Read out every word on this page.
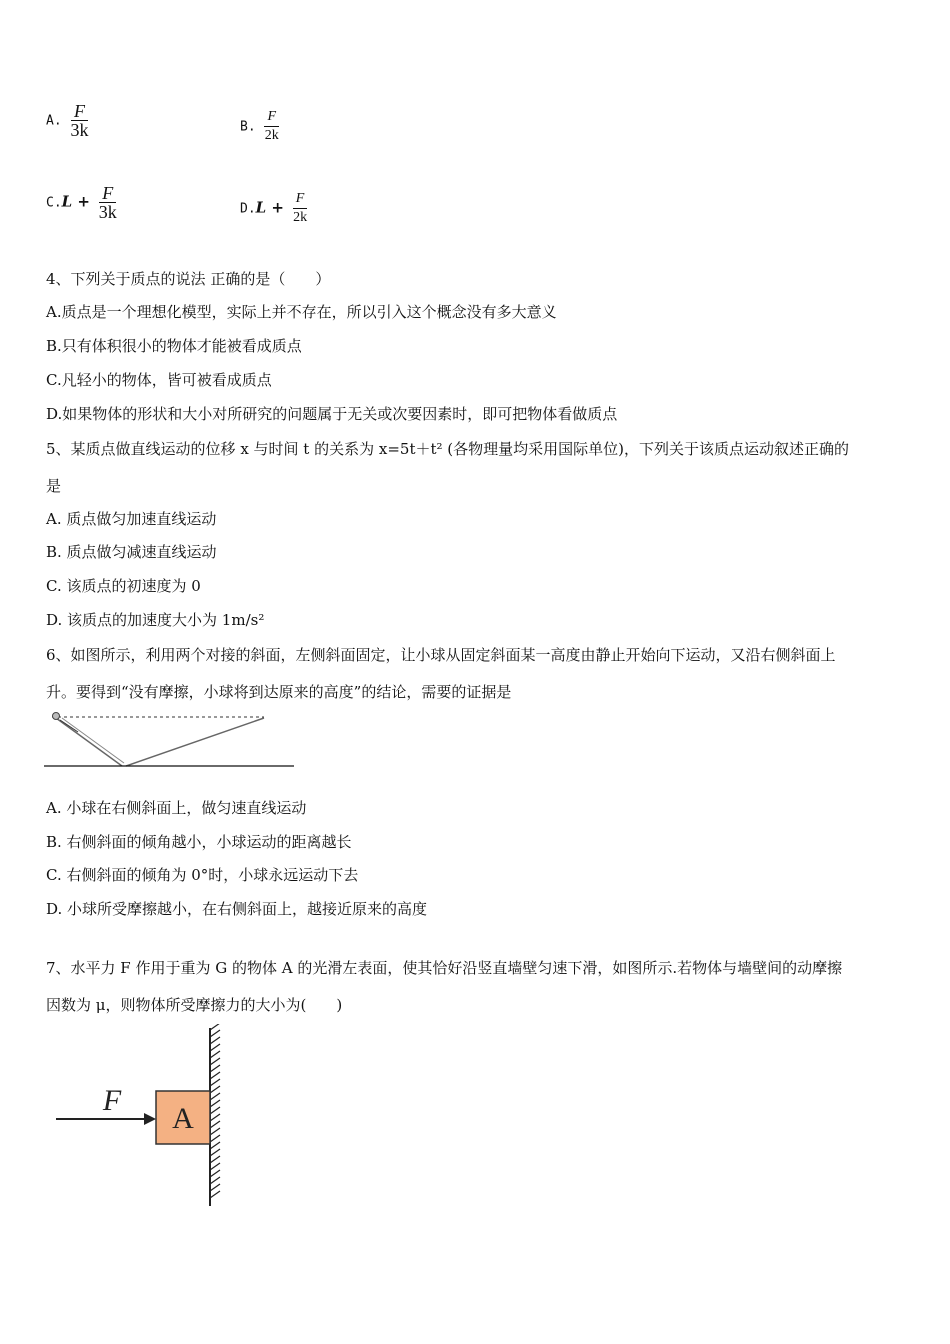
A. $\frac{F}{3k}$	B. $\frac{F}{2k}$
$C.L + \frac{F}{3k}$	$D.L + \frac{F}{2k}$
4、下列关于质点的说法 正确的是（　　）
A.质点是一个理想化模型，实际上并不存在，所以引入这个概念没有多大意义
B.只有体积很小的物体才能被看成质点
C.凡轻小的物体，皆可被看成质点
D.如果物体的形状和大小对所研究的问题属于无关或次要因素时，即可把物体看做质点
5、某质点做直线运动的位移 x 与时间 t 的关系为 x=5t＋t² (各物理量均采用国际单位)，下列关于该质点运动叙述正确的
是
A. 质点做匀加速直线运动
B. 质点做匀减速直线运动
C. 该质点的初速度为 0
D. 该质点的加速度大小为 1m/s²
6、如图所示，利用两个对接的斜面，左侧斜面固定，让小球从固定斜面某一高度由静止开始向下运动，又沿右侧斜面上
升。要得到“没有摩擦，小球将到达原来的高度”的结论，需要的证据是
A. 小球在右侧斜面上，做匀速直线运动
B. 右侧斜面的倾角越小，小球运动的距离越长
C. 右侧斜面的倾角为 0°时，小球永远运动下去
D. 小球所受摩擦越小，在右侧斜面上，越接近原来的高度
7、水平力 F 作用于重为 G 的物体 A 的光滑左表面，使其恰好沿竖直墙壁匀速下滑，如图所示.若物体与墙壁间的动摩擦
因数为 μ，则物体所受摩擦力的大小为(　　)
A
F
